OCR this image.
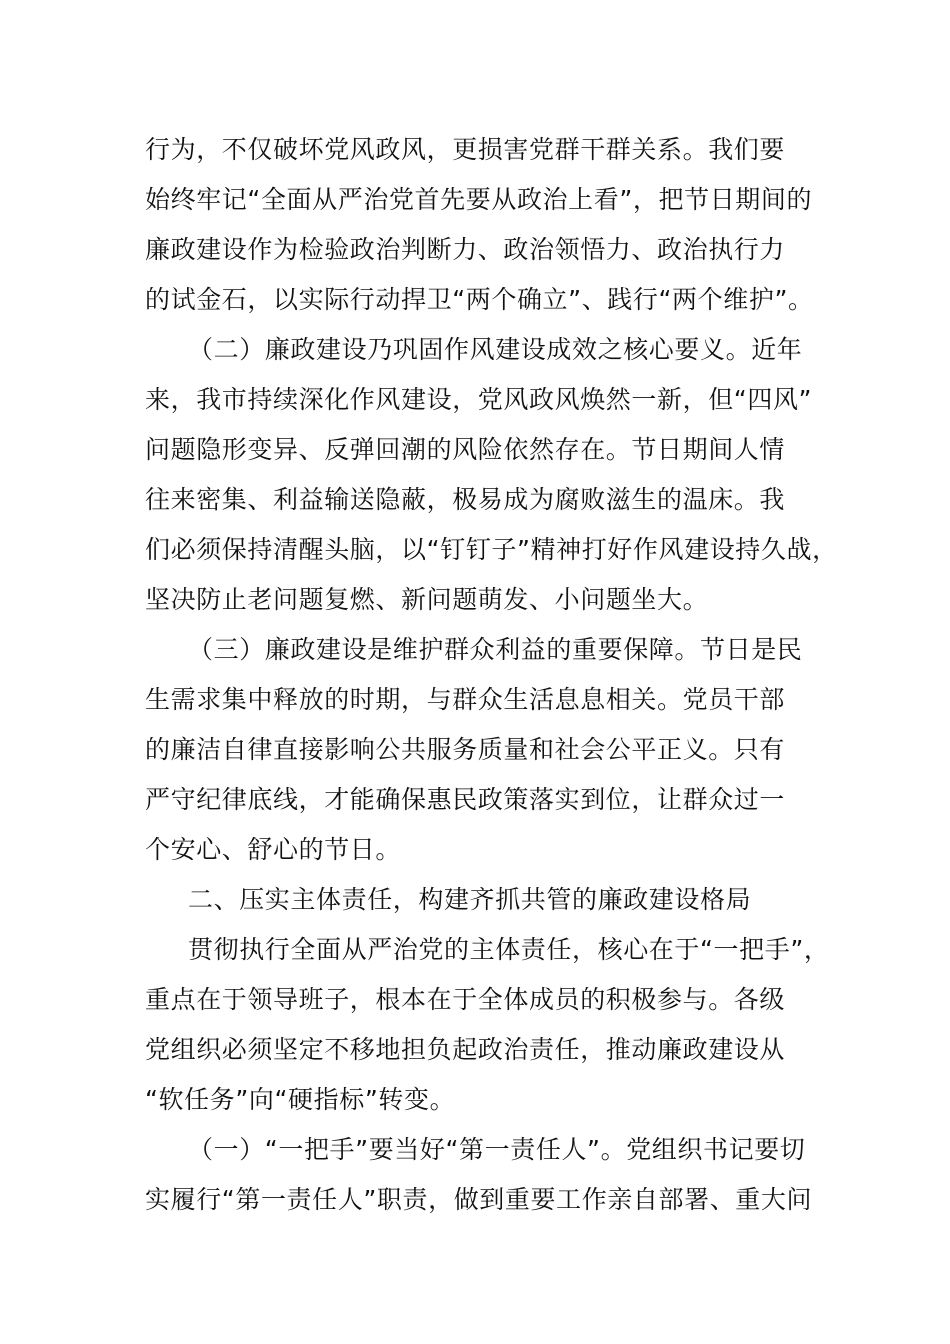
行为，不仅破坏党风政风，更损害党群干群关系。我们要
始终牢记“全面从严治党首先要从政治上看”，把节日期间的
廉政建设作为检验政治判断力、政治领悟力、政治执行力
的试金石，以实际行动捍卫“两个确立”、践行“两个维护”。
（二）廉政建设乃巩固作风建设成效之核心要义。近年
来，我市持续深化作风建设，党风政风焕然一新，但“四风”
问题隐形变异、反弹回潮的风险依然存在。节日期间人情
往来密集、利益输送隐蔽，极易成为腐败滋生的温床。我
们必须保持清醒头脑，以“钉钉子”精神打好作风建设持久战，
坚决防止老问题复燃、新问题萌发、小问题坐大。
（三）廉政建设是维护群众利益的重要保障。节日是民
生需求集中释放的时期，与群众生活息息相关。党员干部
的廉洁自律直接影响公共服务质量和社会公平正义。只有
严守纪律底线，才能确保惠民政策落实到位，让群众过一
个安心、舒心的节日。
二、压实主体责任，构建齐抓共管的廉政建设格局
贯彻执行全面从严治党的主体责任，核心在于“一把手”，
重点在于领导班子，根本在于全体成员的积极参与。各级
党组织必须坚定不移地担负起政治责任，推动廉政建设从
“软任务”向“硬指标”转变。
（一）“一把手”要当好“第一责任人”。党组织书记要切
实履行“第一责任人”职责，做到重要工作亲自部署、重大问
